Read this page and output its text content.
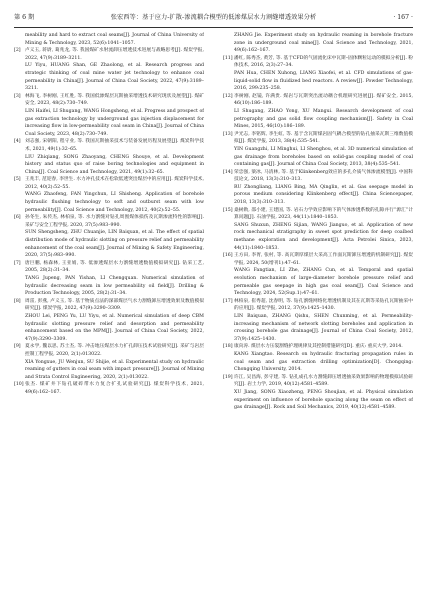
第 6 期	张宏西等：基于应力-扩散-渗流耦合模型的低渗煤层水力割缝增透效果分析	· 167 ·
meability and hard to extract coal seams[J]. Journal of China University of Mining & Technology, 2023, 52(6):1041–1057.
[2] 卢义玉, 蒋尉, 葛兆龙, 等. 我国煤矿水射流卸压增透技术进展与战略思考[J]. 煤炭学报, 2022, 47(9):3189–3211.
LU Yiyu, HUANG Shan, GE Zhaolong, et al. Research progress and strategic thinking of coal mine water jet technology to enhance coal permeability in China[J]. Journal of China Coal Society, 2022, 47(9):3189–3211.
[3] 林海飞, 李树刚, 王红胜, 等. 我国低渗煤层瓦斯抽采增透技术研究现状及展望[J]. 煤矿安全, 2023, 48(2):730–749.
LIN Haifei, LI Shugang, WANG Hongsheng, et al. Progress and prospect of gas extraction technology by underground gas injection displacement for increasing flow in low-permeability coal seam in China[J]. Journal of China Coal Society, 2023, 48(2):730–749.
[4] 刘志强, 宋朝阳, 程守业, 等. 我国瓦斯抽采技术与装备发展历程及展望[J]. 煤炭科学技术, 2021, 49(1):32–65.
LIU Zhiqiang, SONG Zhaoyang, CHENG Shouye, et al. Development history and status quo of raise boring technologies and equipment in China[J]. Coal Science and Technology, 2021, 49(1):32–65.
[5] 王兆丰, 范迎春, 李世生. 水力冲孔技术在松软低透突出煤层中的应用[J]. 煤炭科学技术, 2012, 40(2):52–55.
WANG Zhaofeng, FAN Yingchun, LI Shisheng. Application of borehole hydraulic flushing technology to soft and outburst seam with low permeability[J]. Coal Science and Technology, 2012, 40(2):52–55.
[6] 孙冬生, 朱传杰, 林柏泉, 等. 水力割缝对钻孔周围煤体损伤及瓦斯渗流特性的影响[J]. 采矿与安全工程学报, 2020, 37(5):983–990.
SUN Shengsheng, ZHU Chuanjie, LIN Baiquan, et al. The effect of spatial distribution mode of hydraulic slotting on pressure relief and permeability enhancement of the coal seam[J]. Journal of Mining & Safety Engineering, 2020, 37(5):983–990.
[7] 唐巨鹏, 杨森林, 王亚娟, 等. 低渗透煤层水力割缝增透数值模拟研究[J]. 钻采工艺, 2005, 28(2):31–34.
TANG Jupeng, PAN Yishan, LI Chengquan. Numerical simulation of hydraulic decreasing seam in low permeability oil field[J]. Drilling & Production Technology, 2005, 28(2):31–34.
[8] 周雷, 彭燕, 卢义玉, 等. 基于物质点法的深部煤层气水力割缝卸压增透效果及数值模拟研究[J]. 煤炭学报, 2022, 47(9):3290–3309.
ZHOU Lei, PENG Yu, LU Yiyu, et al. Numerical simulation of deep CBM hydraulic slotting pressure relief and desorption and permeability enhancement based on the MPM[J]. Journal of China Coal Society, 2022, 47(9):3290–3309.
[9] 夏永学, 魏以思, 苏士杰, 等. 冲击地压煤层水力扩孔卸压技术试验研究[J]. 采矿与岩层控制工程学报, 2020, 2(1):013022.
XIA Yongxue, JU Wenjun, SU Shijie, et al. Experimental study on hydraulic reaming of gutters in coal seam with impact pressure[J]. Journal of Mining and Strata Control Engineering, 2020, 2(1):013022.
[10] 张杰. 煤矿井下钻孔破碎带水力复合扩孔试验研究[J]. 煤炭科学技术, 2021, 49(6):162–167.
ZHANG Jie. Experiment study on hydraulic reaming in borehole fracture zone in underground coal mine[J]. Coal Science and Technology, 2021, 49(6):162–167.
[11] 潘红, 陈秀杰, 黄芳, 等. 基于CFD的气固流化床中瓦斯–固体颗粒运动的模拟分析[J]. 粉体技术, 2016, 2(3):27–34.
PAN Hua, CHEN Xuhong, LIANG Xiaofei, et al. CFD simulations of gas-liquid-solid flow in fluidized bed reactors. A review[J]. Powder Technology, 2016, 299:235–258.
[12] 李树刚, 赵镜, 许满贵. 煤岩与瓦斯突出流动耦合机理研究进展[J]. 煤矿安全, 2015, 46(10):186–189.
LI Shugang, ZHAO Yong, XU Mangui. Research development of coal petrography and gas solid flow coupling mechanism[J]. Safety in Coal Mines, 2015, 46(10):186–189.
[13] 尹光志, 李铭辉, 李生虹, 等. 基于含瓦斯煤岩固气耦合模型的钻孔抽采瓦斯三维数值模拟[J]. 煤炭学报, 2013, 38(4):535–541.
YIN Guangzhi, LI Minghui, LI Shenghou, et al. 3D numerical simulation of gas drainage from boreholes based on solid-gas coupling model of coal containing gas[J]. Journal of China Coal Society, 2013, 38(4):535–541.
[14] 荣忠强, 梁冰, 马清林, 等. 基于Klinkenberg效应的多孔介质气体渗流模型[J]. 中国科技论文, 2018, 13(3):310–313.
RU Zhongliang, LIANG Bing, MA Qinglin, et al. Gas seepage model in porous medium considering Klinkenberg effect[J]. China Sciencepaper, 2018, 13(3):310–313.
[15] 桑树勋, 邵小建, 王建国, 等. 岩石力学效应影响下的气体渗透系数的孔隙并行“源汇”计算问题[J]. 石油学报, 2023, 44(11):1840–1853.
SANG Shuxun, ZHENG Sijian, WANG Jianguo, et al. Application of new rock mechanical stratigraphy in sweet spot prediction for deep coalbed methane exploration and development[J]. Acta Petrolei Sinica, 2023, 44(11):1840–1853.
[16] 王方田, 李胥, 张村, 等. 高瓦斯厚煤层大采高工作面瓦斯卸压增透的机制研究[J]. 煤炭学报, 2024, 50(增刊1):47–61.
WANG Fangtian, LI Zhe, ZHANG Cun, et al. Temporal and spatial evolution mechanism of large-diameter borehole pressure relief and permeable gas seepage in high gas coal seam[J]. Coal Science and Technology, 2024, 52(Sup.1):47–61.
[17] 林柏泉, 崔秀超, 沈春明, 等. 钻孔割缝网络化增透机制及其在瓦斯等采钻孔瓦斯抽采中的应用[J]. 煤炭学报, 2012, 37(9):1425–1430.
LIN Baiquan, ZHANG Qishu, SHEN Chunming, et al. Permeability-increasing mechanism of network slotting boreholes and application in crossing borehole gas drainage[J]. Journal of China Coal Society, 2012, 37(9):1425–1430.
[18] 康向涛. 煤层水力压裂割缝护理规律及其控制措施研究[D]. 重庆: 重庆大学, 2014.
KANG Xiangtao. Research on hydraulic fracturing propagation rules in coal seam and gas extraction drilling optimization[D]. Chongqing: Chongqing University, 2014.
[19] 许江, 吴昌海, 彭守建, 等. 钻孔成孔水力割缝卸压增透抽采效果影响的物理模拟试验研究[J]. 岩土力学, 2019, 40(12):4581–4589.
XU Jiang, SONG Xiaozheng, PENG Shoujian, et al. Physical simulation experiment on influence of borehole spacing along the seam on effect of gas drainage[J]. Rock and Soil Mechanics, 2019, 40(12):4581–4589.
